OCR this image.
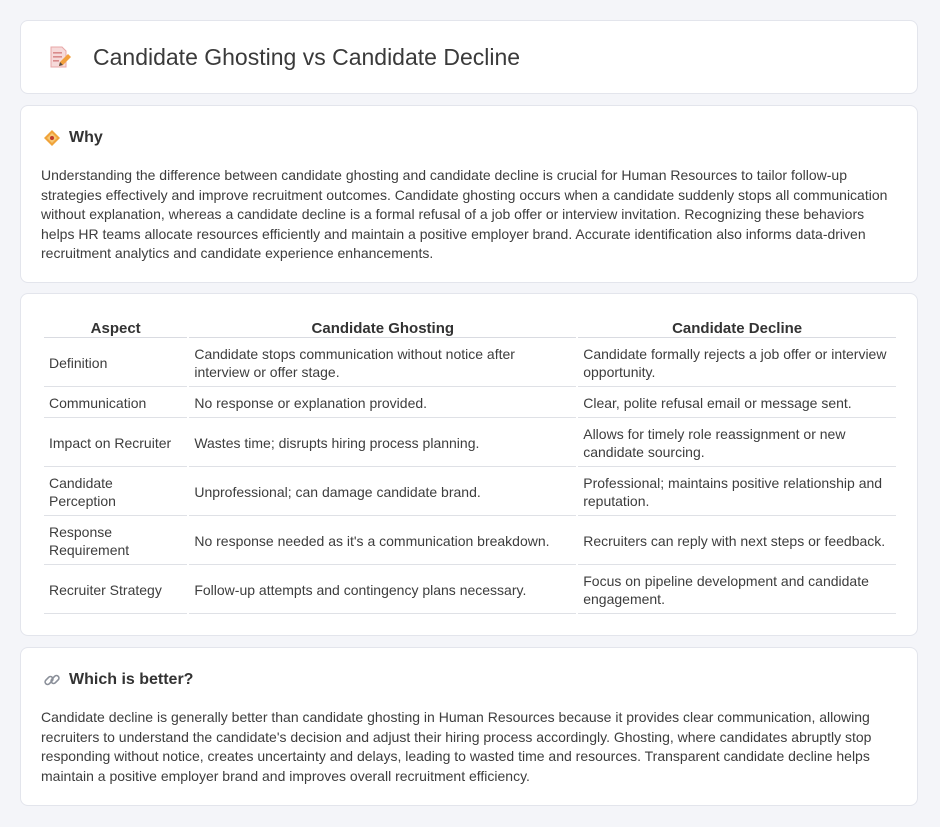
Candidate Ghosting vs Candidate Decline
Why

Understanding the difference between candidate ghosting and candidate decline is crucial for Human Resources to tailor follow-up strategies effectively and improve recruitment outcomes. Candidate ghosting occurs when a candidate suddenly stops all communication without explanation, whereas a candidate decline is a formal refusal of a job offer or interview invitation. Recognizing these behaviors helps HR teams allocate resources efficiently and maintain a positive employer brand. Accurate identification also informs data-driven recruitment analytics and candidate experience enhancements.

Aspect	Candidate Ghosting	Candidate Decline
Definition	Candidate stops communication without notice after interview or offer stage.	Candidate formally rejects a job offer or interview opportunity.
Communication	No response or explanation provided.	Clear, polite refusal email or message sent.
Impact on Recruiter	Wastes time; disrupts hiring process planning.	Allows for timely role reassignment or new candidate sourcing.
Candidate Perception	Unprofessional; can damage candidate brand.	Professional; maintains positive relationship and reputation.
Response Requirement	No response needed as it's a communication breakdown.	Recruiters can reply with next steps or feedback.
Recruiter Strategy	Follow-up attempts and contingency plans necessary.	Focus on pipeline development and candidate engagement.
Which is better?

Candidate decline is generally better than candidate ghosting in Human Resources because it provides clear communication, allowing recruiters to understand the candidate's decision and adjust their hiring process accordingly. Ghosting, where candidates abruptly stop responding without notice, creates uncertainty and delays, leading to wasted time and resources. Transparent candidate decline helps maintain a positive employer brand and improves overall recruitment efficiency.
